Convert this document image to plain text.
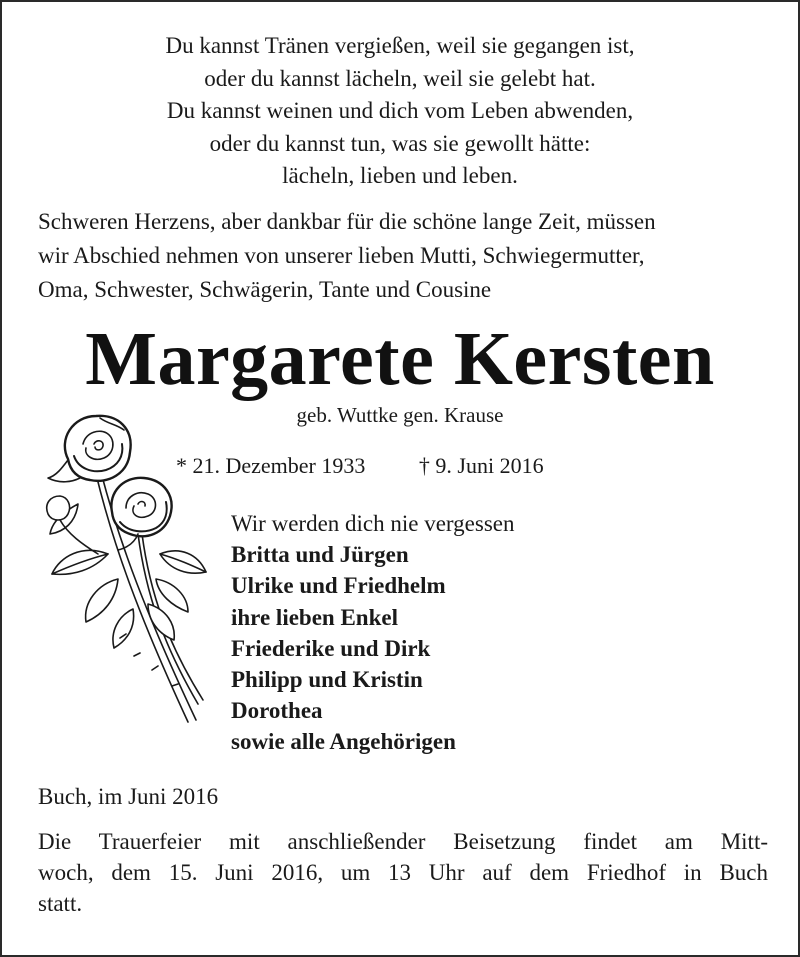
Du kannst Tränen vergießen, weil sie gegangen ist,
oder du kannst lächeln, weil sie gelebt hat.
Du kannst weinen und dich vom Leben abwenden,
oder du kannst tun, was sie gewollt hätte:
lächeln, lieben und leben.
Schweren Herzens, aber dankbar für die schöne lange Zeit, müssen
wir Abschied nehmen von unserer lieben Mutti, Schwiegermutter,
Oma, Schwester, Schwägerin, Tante und Cousine
Margarete Kersten
geb. Wuttke gen. Krause
* 21. Dezember 1933 † 9. Juni 2016
Wir werden dich nie vergessen
Britta und Jürgen
Ulrike und Friedhelm
ihre lieben Enkel
Friederike und Dirk
Philipp und Kristin
Dorothea
sowie alle Angehörigen
Buch, im Juni 2016
Die Trauerfeier mit anschließender Beisetzung findet am Mitt-
woch, dem 15. Juni 2016, um 13 Uhr auf dem Friedhof in Buch
statt.
